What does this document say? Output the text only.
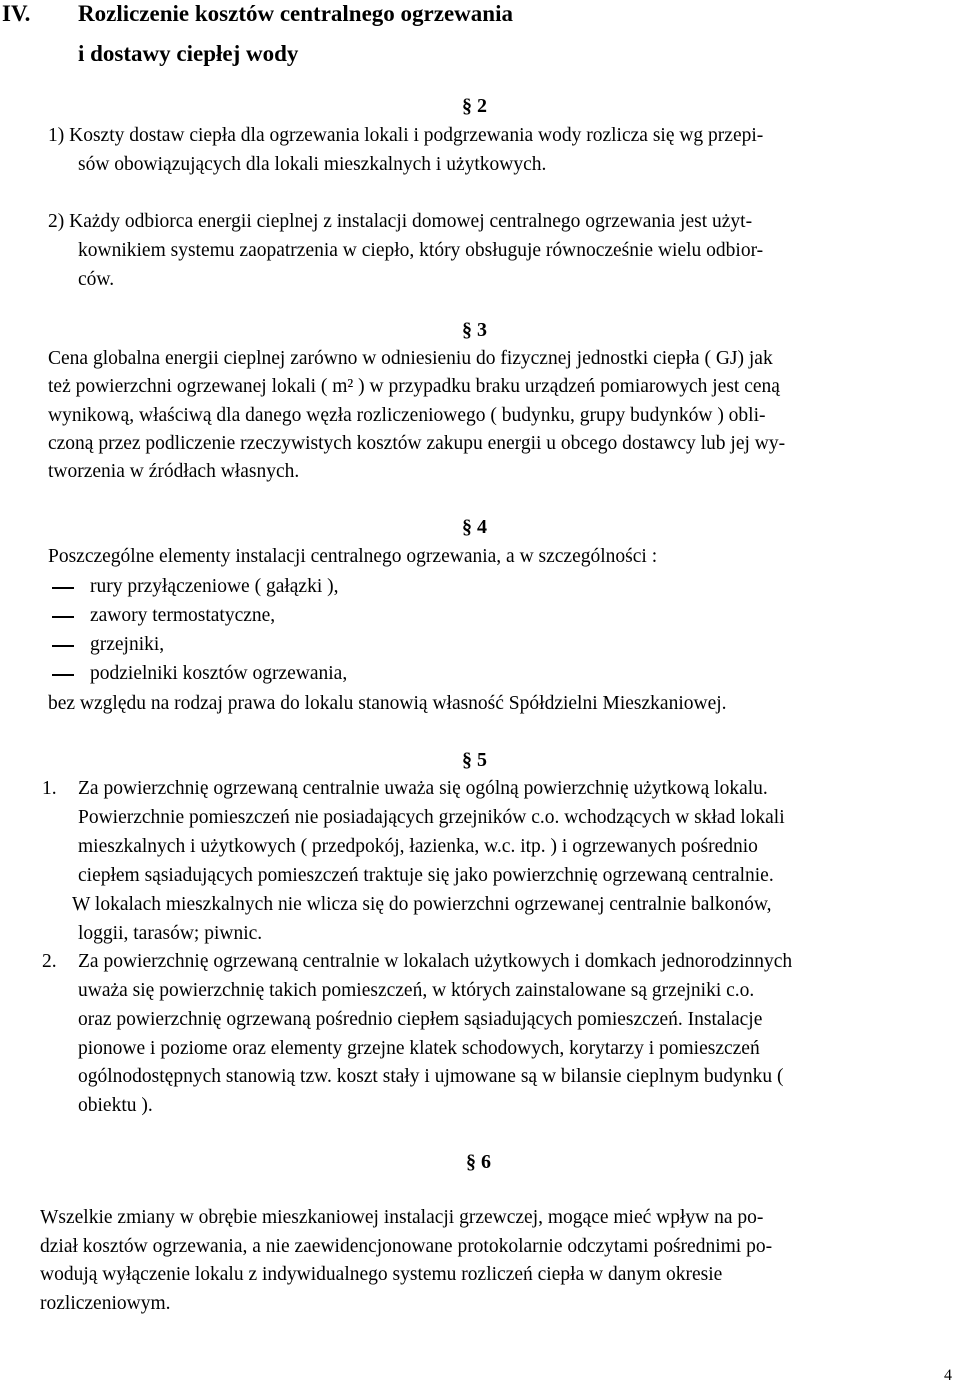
IV. Rozliczenie kosztów centralnego ogrzewania
i dostawy ciepłej wody
§ 2
1) Koszty dostaw ciepła dla ogrzewania lokali i podgrzewania wody rozlicza się wg przepi-
sów obowiązujących dla lokali mieszkalnych i użytkowych.
2) Każdy odbiorca energii cieplnej z instalacji domowej centralnego ogrzewania jest użyt-
kownikiem systemu zaopatrzenia w ciepło, który obsługuje równocześnie wielu odbior-
ców.
§ 3
Cena globalna energii cieplnej zarówno w odniesieniu do fizycznej jednostki ciepła ( GJ) jak
też powierzchni ogrzewanej lokali ( m² ) w przypadku braku urządzeń pomiarowych jest ceną
wynikową, właściwą dla danego węzła rozliczeniowego ( budynku, grupy budynków ) obli-
czoną przez podliczenie rzeczywistych kosztów zakupu energii u obcego dostawcy lub jej wy-
tworzenia w źródłach własnych.
§ 4
Poszczególne elementy instalacji centralnego ogrzewania, a w szczególności :
rury przyłączeniowe ( gałązki ),
zawory termostatyczne,
grzejniki,
podzielniki kosztów ogrzewania,
bez względu na rodzaj prawa do lokalu stanowią własność Spółdzielni Mieszkaniowej.
§ 5
1. Za powierzchnię ogrzewaną centralnie uważa się ogólną powierzchnię użytkową lokalu.
Powierzchnie pomieszczeń nie posiadających grzejników c.o. wchodzących w skład lokali
mieszkalnych i użytkowych ( przedpokój, łazienka, w.c. itp. ) i ogrzewanych pośrednio
ciepłem sąsiadujących pomieszczeń traktuje się jako powierzchnię ogrzewaną centralnie.
W lokalach mieszkalnych nie wlicza się do powierzchni ogrzewanej centralnie balkonów,
loggii, tarasów; piwnic.
2. Za powierzchnię ogrzewaną centralnie w lokalach użytkowych i domkach jednorodzinnych
uważa się powierzchnię takich pomieszczeń, w których zainstalowane są grzejniki c.o.
oraz powierzchnię ogrzewaną pośrednio ciepłem sąsiadujących pomieszczeń. Instalacje
pionowe i poziome oraz elementy grzejne klatek schodowych, korytarzy i pomieszczeń
ogólnodostępnych stanowią tzw. koszt stały i ujmowane są w bilansie cieplnym budynku (
obiektu ).
§ 6
Wszelkie zmiany w obrębie mieszkaniowej instalacji grzewczej, mogące mieć wpływ na po-
dział kosztów ogrzewania, a nie zaewidencjonowane protokolarnie odczytami pośrednimi po-
wodują wyłączenie lokalu z indywidualnego systemu rozliczeń ciepła w danym okresie
rozliczeniowym.
4
